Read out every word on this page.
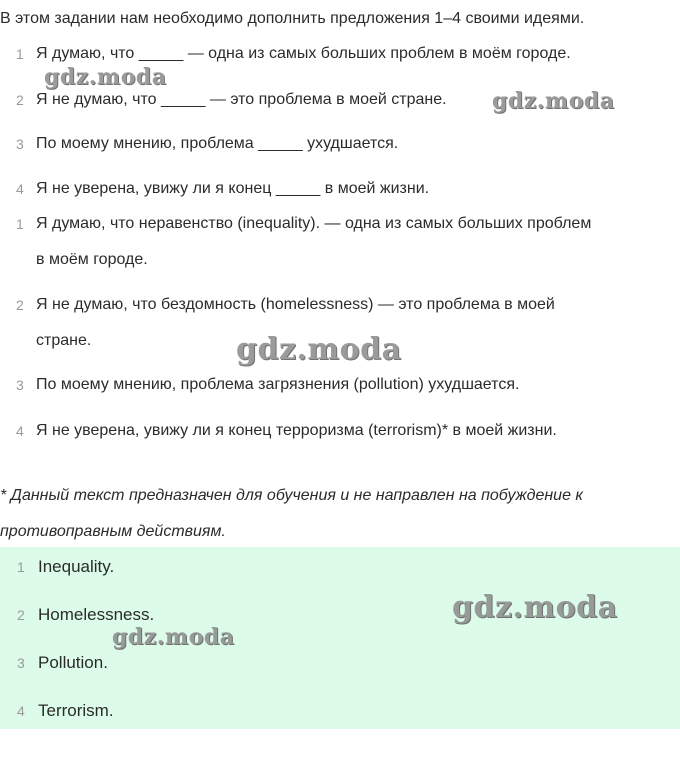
В этом задании нам необходимо дополнить предложения 1–4 своими идеями.
1 Я думаю, что _____ — одна из самых больших проблем в моём городе.
2 Я не думаю, что _____ — это проблема в моей стране.
3 По моему мнению, проблема _____ ухудшается.
4 Я не уверена, увижу ли я конец _____ в моей жизни.
1 Я думаю, что неравенство (inequality). — одна из самых больших проблем
в моём городе.
2 Я не думаю, что бездомность (homelessness) — это проблема в моей
стране.
3 По моему мнению, проблема загрязнения (pollution) ухудшается.
4 Я не уверена, увижу ли я конец терроризма (terrorism)* в моей жизни.
* Данный текст предназначен для обучения и не направлен на побуждение к
противоправным действиям.
1 Inequality.
2 Homelessness.
3 Pollution.
4 Terrorism.
gdz.moda
gdz.moda
gdz.moda
gdz.moda
gdz.moda
